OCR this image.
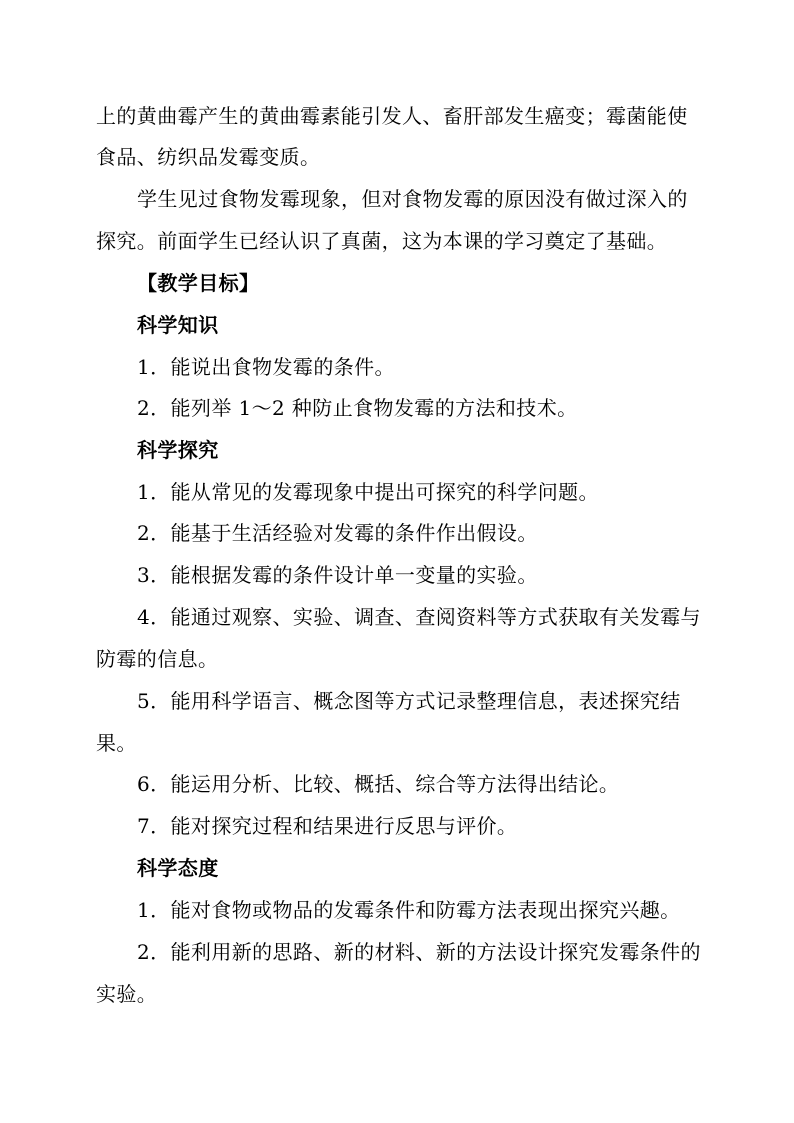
上的黄曲霉产生的黄曲霉素能引发人、畜肝部发生癌变；霉菌能使
食品、纺织品发霉变质。
学生见过食物发霉现象，但对食物发霉的原因没有做过深入的
探究。前面学生已经认识了真菌，这为本课的学习奠定了基础。
【教学目标】
科学知识
1．能说出食物发霉的条件。
2．能列举 1～2 种防止食物发霉的方法和技术。
科学探究
1．能从常见的发霉现象中提出可探究的科学问题。
2．能基于生活经验对发霉的条件作出假设。
3．能根据发霉的条件设计单一变量的实验。
4．能通过观察、实验、调查、查阅资料等方式获取有关发霉与
防霉的信息。
5．能用科学语言、概念图等方式记录整理信息，表述探究结
果。
6．能运用分析、比较、概括、综合等方法得出结论。
7．能对探究过程和结果进行反思与评价。
科学态度
1．能对食物或物品的发霉条件和防霉方法表现出探究兴趣。
2．能利用新的思路、新的材料、新的方法设计探究发霉条件的
实验。
